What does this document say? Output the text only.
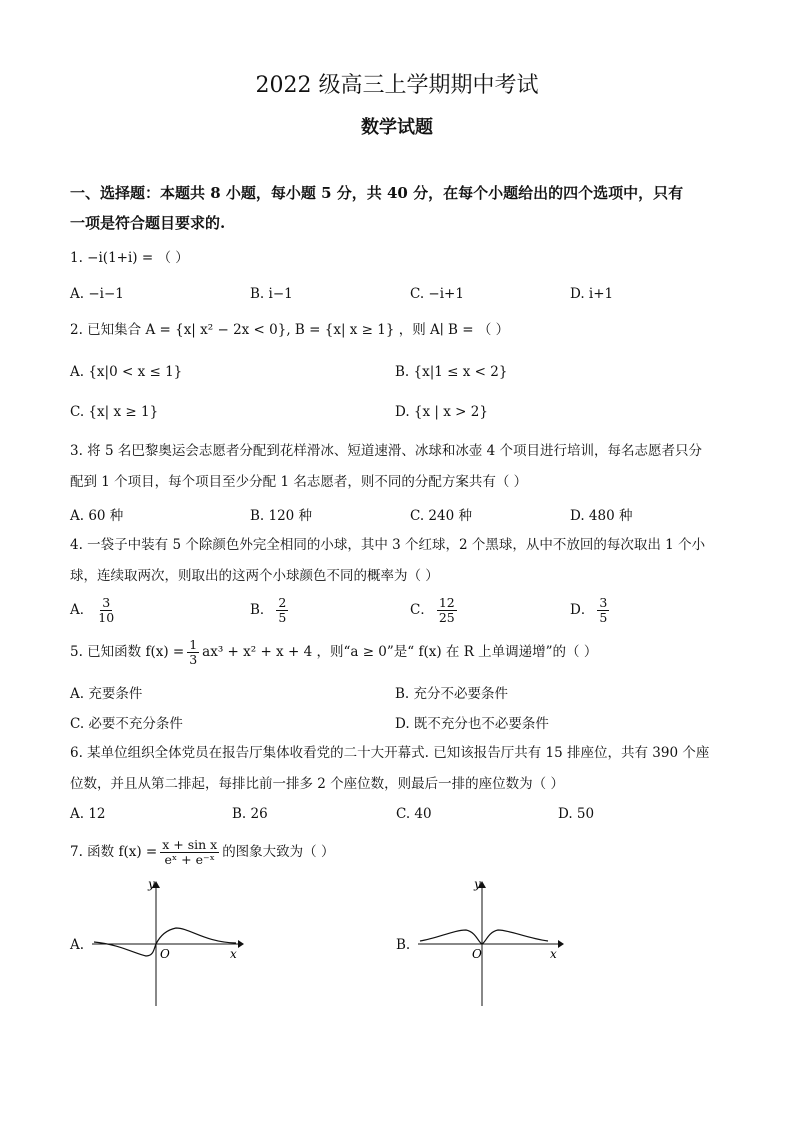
2022 级高三上学期期中考试
数学试题
一、选择题：本题共 8 小题，每小题 5 分，共 40 分，在每个小题给出的四个选项中，只有
一项是符合题目要求的.
1. −i(1+i) = （ ）
A. −i−1	B. i−1	C. −i+1	D. i+1
2. 已知集合 A = {x| x² − 2x < 0}, B = {x| x ≥ 1} ，则 A∣ B = （ ）
A. {x|0 < x ≤ 1}	B. {x|1 ≤ x < 2}
C. {x| x ≥ 1}	D. {x | x > 2}
3. 将 5 名巴黎奥运会志愿者分配到花样滑冰、短道速滑、冰球和冰壶 4 个项目进行培训，每名志愿者只分
配到 1 个项目，每个项目至少分配 1 名志愿者，则不同的分配方案共有（ ）
A. 60 种	B. 120 种	C. 240 种	D. 480 种
4. 一袋子中装有 5 个除颜色外完全相同的小球，其中 3 个红球，2 个黑球，从中不放回的每次取出 1 个小
球，连续取两次，则取出的这两个小球颜色不同的概率为（ ）
A． $\frac{3}{10}$	B． $\frac{2}{5}$	C． $\frac{12}{25}$	D． $\frac{3}{5}$
5. 已知函数 $f(x) = \frac{1}{3} ax^3 + x^2 + x + 4$ ，则“a ≥ 0”是“ f(x) 在 R 上单调递增”的（ ）
A. 充要条件	B. 充分不必要条件
C. 必要不充分条件	D. 既不充分也不必要条件
6. 某单位组织全体党员在报告厅集体收看党的二十大开幕式. 已知该报告厅共有 15 排座位，共有 390 个座
位数，并且从第二排起，每排比前一排多 2 个座位数，则最后一排的座位数为（ ）
A. 12	B. 26	C. 40	D. 50
7. 函数 $f(x) = \frac{\text{x + sin x}}{\text{eˣ + e⁻ˣ}}$ 的图象大致为（ ）
A.
y
x
O
B.
y
x
O
